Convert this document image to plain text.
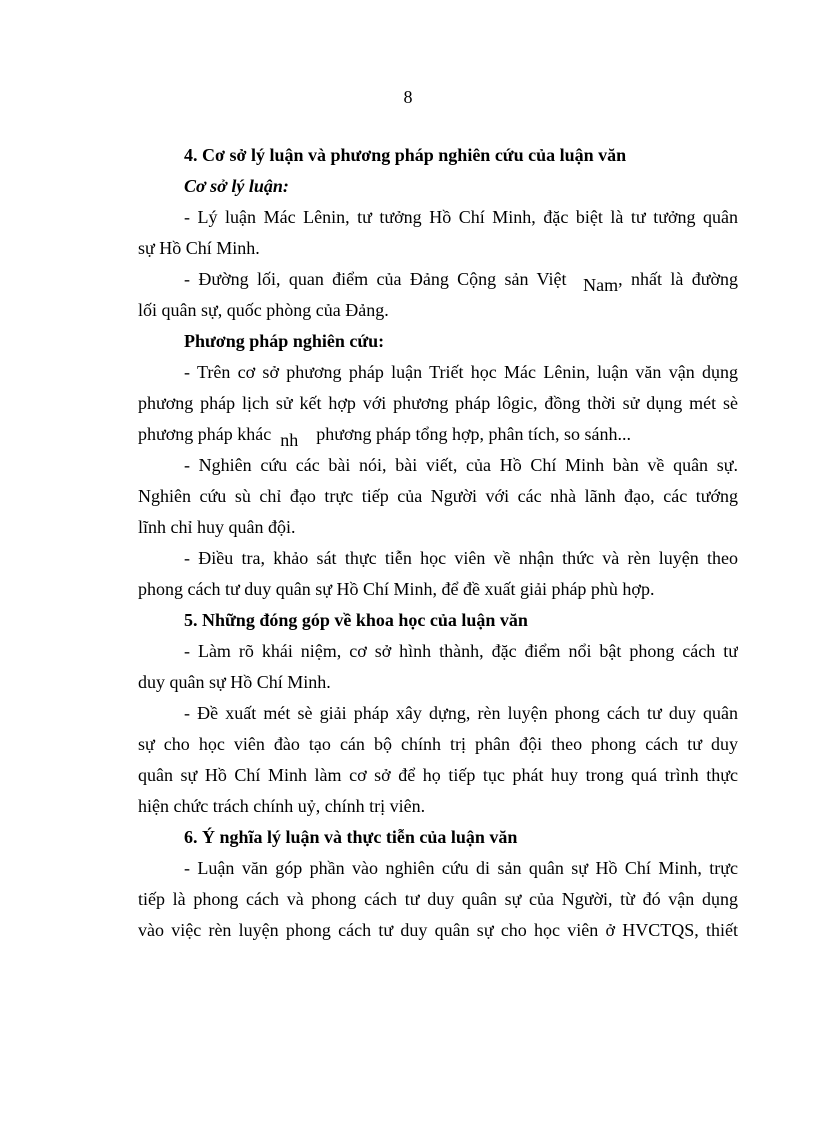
8
4. Cơ sở lý luận và phương pháp nghiên cứu của luận văn
Cơ sở lý luận:
- Lý luận Mác Lênin, tư tưởng Hồ Chí Minh, đặc biệt là tư tưởng quân
sự Hồ Chí Minh.
- Đường lối, quan điểm của Đảng Cộng sản Việt Nam, nhất là đường
lối quân sự, quốc phòng của Đảng.
Phương pháp nghiên cứu:
- Trên cơ sở phương pháp luận Triết học Mác Lênin, luận văn vận dụng
phương pháp lịch sử kết hợp với phương pháp lôgic, đồng thời sử dụng mét sè
phương pháp khác nh phương pháp tổng hợp, phân tích, so sánh...
- Nghiên cứu các bài nói, bài viết, của Hồ Chí Minh bàn về quân sự.
Nghiên cứu sù chỉ đạo trực tiếp của Người với các nhà lãnh đạo, các tướng
lĩnh chỉ huy quân đội.
- Điều tra, khảo sát thực tiễn học viên về nhận thức và rèn luyện theo
phong cách tư duy quân sự Hồ Chí Minh, để đề xuất giải pháp phù hợp.
5. Những đóng góp về khoa học của luận văn
- Làm rõ khái niệm, cơ sở hình thành, đặc điểm nổi bật phong cách tư
duy quân sự Hồ Chí Minh.
- Đề xuất mét sè giải pháp xây dựng, rèn luyện phong cách tư duy quân
sự cho học viên đào tạo cán bộ chính trị phân đội theo phong cách tư duy
quân sự Hồ Chí Minh làm cơ sở để họ tiếp tục phát huy trong quá trình thực
hiện chức trách chính uỷ, chính trị viên.
6. Ý nghĩa lý luận và thực tiễn của luận văn
- Luận văn góp phần vào nghiên cứu di sản quân sự Hồ Chí Minh, trực
tiếp là phong cách và phong cách tư duy quân sự của Người, từ đó vận dụng
vào việc rèn luyện phong cách tư duy quân sự cho học viên ở HVCTQS, thiết
